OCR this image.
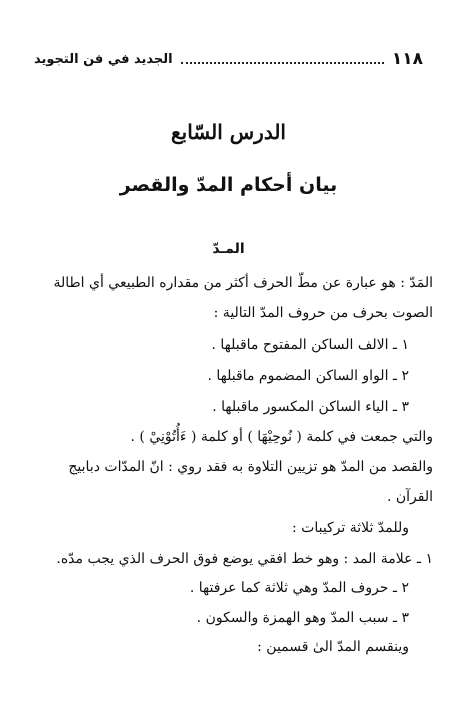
١١٨
الجديد في فن التجويد
الدرس السّابع
بيان أحكام المدّ والقصر
المـدّ
المَدّ : هو عبارة عن مطّ الحرف أكثر من مقداره الطبيعي أي اطالة
الصوت بحرف من حروف المدّ التالية :
١ ـ الالف الساكن المفتوح ماقبلها .
٢ ـ الواو الساكن المضموم ماقبلها .
٣ ـ الياء الساكن المكسور ماقبلها .
والتي جمعت في كلمة ( نُوحِيْهَا ) أو كلمة ( ءَأُتُوْنِيْ ) .
والقصد من المدّ هو تزيين التلاوة به فقد روي : انّ المدّات دبابيج
القرآن .
وللمدّ ثلاثة تركيبات :
١ ـ علامة المد : وهو خط افقي يوضع فوق الحرف الذي يجب مدّه.
٢ ـ حروف المدّ وهي ثلاثة كما عرفتها .
٣ ـ سبب المدّ وهو الهمزة والسكون .
وينقسم المدّ الىٰ قسمين :
